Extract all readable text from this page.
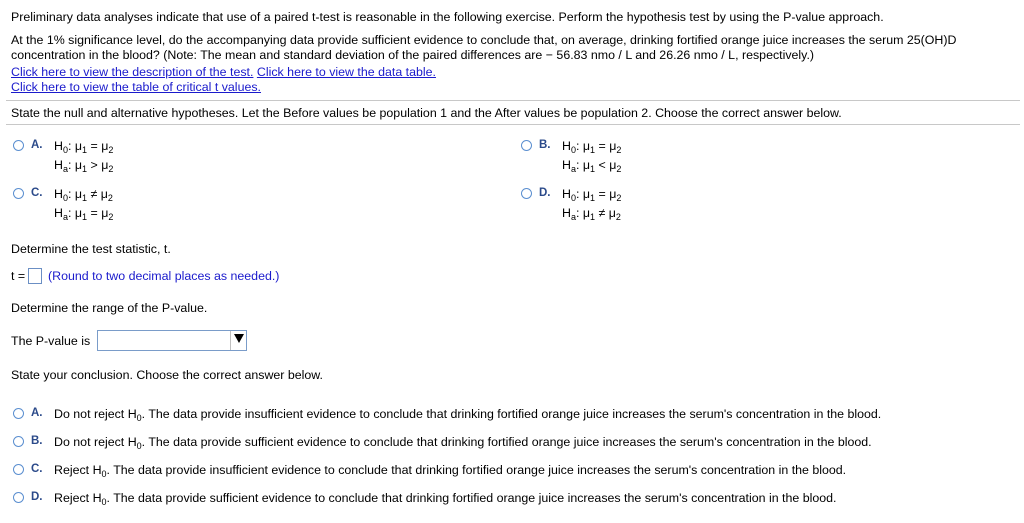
Preliminary data analyses indicate that use of a paired t-test is reasonable in the following exercise. Perform the hypothesis test by using the P-value approach.
At the 1% significance level, do the accompanying data provide sufficient evidence to conclude that, on average, drinking fortified orange juice increases the serum 25(OH)D
concentration in the blood? (Note: The mean and standard deviation of the paired differences are − 56.83 nmo / L and 26.26 nmo / L, respectively.)
Click here to view the description of the test. Click here to view the data table.
Click here to view the table of critical t values.
State the null and alternative hypotheses. Let the Before values be population 1 and the After values be population 2. Choose the correct answer below.
A. $H_0$: $\mu_1 = \mu_2$
$H_a$: $\mu_1 > \mu_2$
B. $H_0$: $\mu_1 = \mu_2$
$H_a$: $\mu_1 < \mu_2$
C. $H_0$: $\mu_1 \ne \mu_2$
$H_a$: $\mu_1 = \mu_2$
D. $H_0$: $\mu_1 = \mu_2$
$H_a$: $\mu_1 \ne \mu_2$
Determine the test statistic, t.
t = (Round to two decimal places as needed.)
Determine the range of the P-value.
The P-value is
State your conclusion. Choose the correct answer below.
A. Do not reject $H_0$. The data provide insufficient evidence to conclude that drinking fortified orange juice increases the serum's concentration in the blood.
B. Do not reject $H_0$. The data provide sufficient evidence to conclude that drinking fortified orange juice increases the serum's concentration in the blood.
C. Reject $H_0$. The data provide insufficient evidence to conclude that drinking fortified orange juice increases the serum's concentration in the blood.
D. Reject $H_0$. The data provide sufficient evidence to conclude that drinking fortified orange juice increases the serum's concentration in the blood.
